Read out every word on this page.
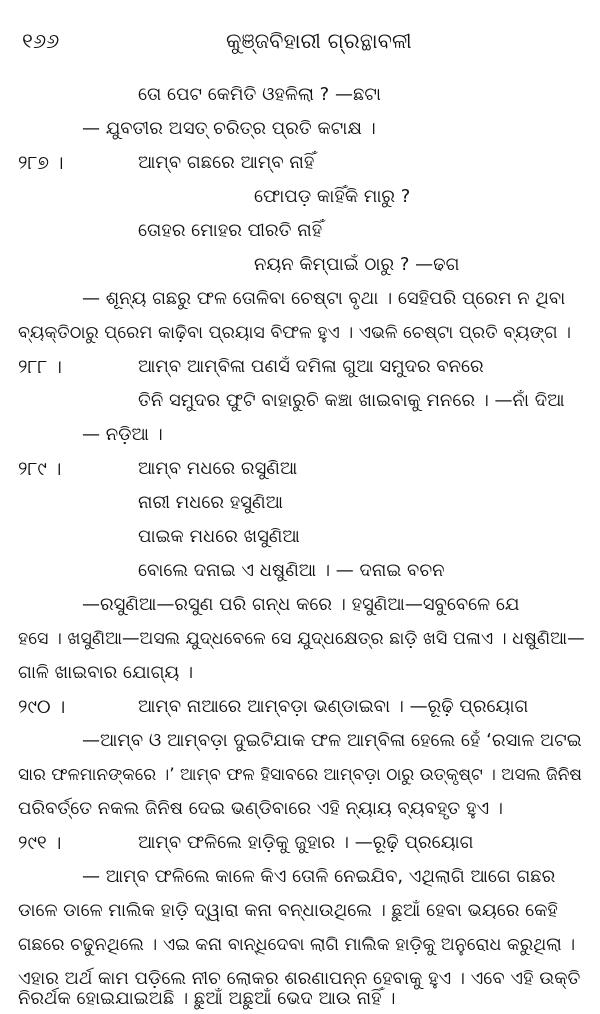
୧୬୬	କୁଞ୍ଜବିହାରୀ ଗ୍ରନ୍ଥାବଳୀ
ତୋ ପେଟ କେମିତି ଓହଳିଲା ? —ଛଟା
— ଯୁବତୀର ଅସତ୍ ଚରିତ୍ର ପ୍ରତି କଟାକ୍ଷ ।
୨୮୭ ।	ଆମ୍ବ ଗଛରେ ଆମ୍ବ ନାହିଁ
ଫୋପଡ଼ କାହିଁକି ମାରୁ ?
ତୋହର ମୋହର ପୀରତି ନାହିଁ
ନୟନ କିମ୍ପାଇଁ ଠାରୁ ? —ଢଗ
— ଶୂନ୍ୟ ଗଛରୁ ଫଳ ତୋଳିବା ଚେଷ୍ଟା ବୃଥା । ସେହିପରି ପ୍ରେମ ନ ଥିବା
ବ୍ୟକ୍ତିଠାରୁ ପ୍ରେମ କାଢ଼ିବା ପ୍ରୟାସ ବିଫଳ ହୁଏ । ଏଭଳି ଚେଷ୍ଟା ପ୍ରତି ବ୍ୟଙ୍ଗ ।
୨୮୮ ।	ଆମ୍ବ ଆମ୍ବିଳା ପଣସଁ ଦମିଳା ଗୁଆ ସମୁଦର ବନରେ
ତିନି ସମୁଦର ଫୁଟି ବାହାରୁଚି କଞ୍ଚା ଖାଇବାକୁ ମନରେ । —ନାଁ ଦିଆ
— ନଡ଼ିଆ ।
୨୮୯ ।	ଆମ୍ବ ମଧରେ ରସୁଣିଆ
ନାରୀ ମଧରେ ହସୁଣିଆ
ପାଇକ ମଧରେ ଖସୁଣିଆ
ବୋଲେ ଦନାଇ ଏ ଧଷୁଣିଆ । — ଦନାଇ ବଚନ
—ରସୁଣିଆ—ରସୁଣ ପରି ଗନ୍ଧ କରେ । ହସୁଣିଆ—ସବୁବେଳେ ଯେ
ହସେ । ଖସୁଣିଆ—ଅସଲ ଯୁଦ୍ଧବେଳେ ସେ ଯୁଦ୍ଧକ୍ଷେତ୍ର ଛାଡ଼ି ଖସି ପଳାଏ । ଧଷୁଣିଆ—
ଗାଳି ଖାଇବାର ଯୋଗ୍ୟ ।
୨୯୦ ।	ଆମ୍ବ ନାଆରେ ଆମ୍ବଡ଼ା ଭଣ୍ଡାଇବା । —ରୂଢ଼ି ପ୍ରୟୋଗ
—ଆମ୍ବ ଓ ଆମ୍ବଡ଼ା ଦୁଇଟିଯାକ ଫଳ ଆମ୍ବିଳା ହେଲେ ହେଁ ‘ରସାଳ ଅଟଇ
ସାର ଫଳମାନଙ୍କରେ ।’ ଆମ୍ବ ଫଳ ହିସାବରେ ଆମ୍ବଡ଼ା ଠାରୁ ଉତ୍କୃଷ୍ଟ । ଅସଲ ଜିନିଷ
ପରିବର୍ତ୍ତେ ନକଲ ଜିନିଷ ଦେଇ ଭଣ୍ଡିବାରେ ଏହି ନ୍ୟାୟ ବ୍ୟବହୃତ ହୁଏ ।
୨୯୧ ।	ଆମ୍ବ ଫଳିଲେ ହାଡ଼ିକୁ ଜୁହାର । —ରୂଢ଼ି ପ୍ରୟୋଗ
— ଆମ୍ବ ଫଳିଲେ କାଳେ କିଏ ତୋଳି ନେଇଯିବ, ଏଥିଲାଗି ଆଗେ ଗଛର
ଡାଳେ ଡାଳେ ମାଲିକ ହାଡ଼ି ଦ୍ୱାରା କନା ବନ୍ଧାଉଥିଲେ । ଛୁଆଁ ହେବା ଭୟରେ କେହି
ଗଛରେ ଚଢୁନଥିଲେ । ଏଇ କନା ବାନ୍ଧିଦେବା ଲାଗି ମାଲିକ ହାଡ଼ିକୁ ଅନୁରୋଧ କରୁଥିଲା ।
ଏହାର ଅର୍ଥ କାମ ପଡ଼ିଲେ ନୀଚ ଲୋକର ଶରଣାପନ୍ନ ହେବାକୁ ହୁଏ । ଏବେ ଏହି ଉକ୍ତି
ନିରର୍ଥକ ହୋଇଯାଇଅଛି । ଛୁଆଁ ଅଛୁଆଁ ଭେଦ ଆଉ ନାହିଁ ।
